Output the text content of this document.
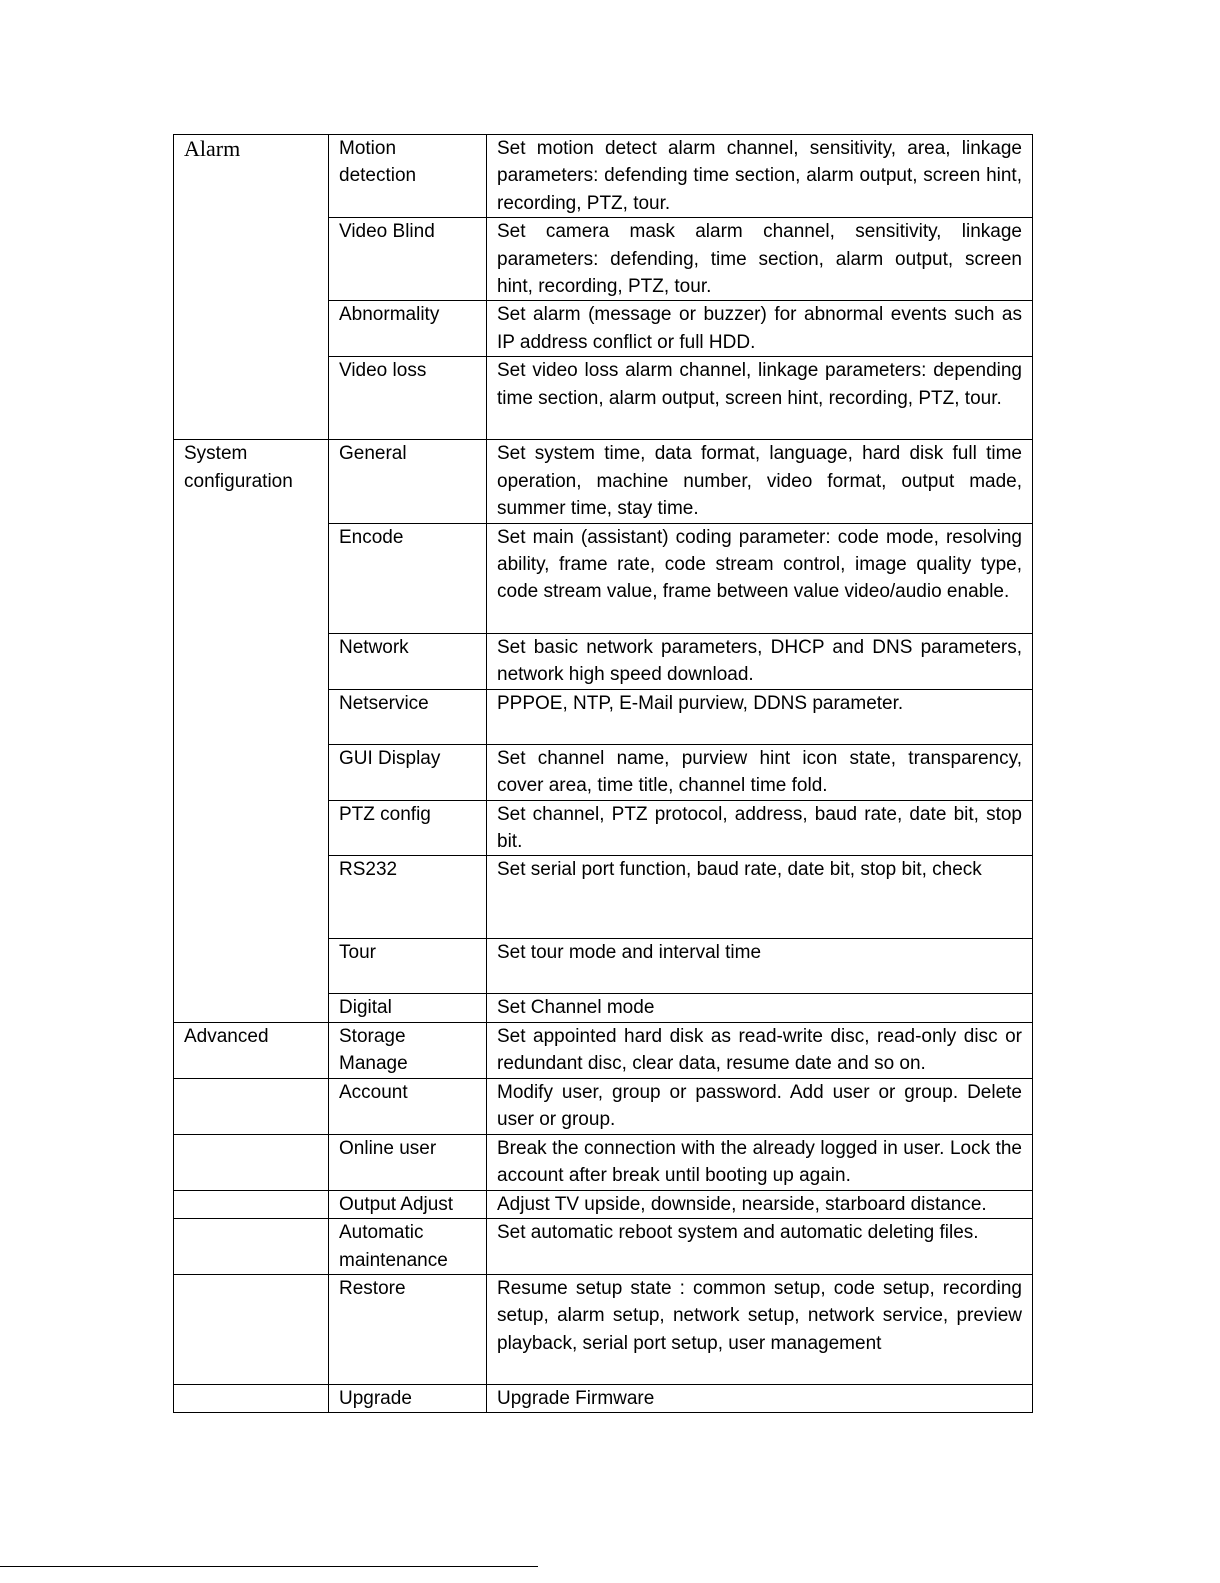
Alarm	Motion detection	Set motion detect alarm channel, sensitivity, area, linkage parameters: defending time section, alarm output, screen hint, recording, PTZ, tour.
	Video Blind	Set camera mask alarm channel, sensitivity, linkage parameters: defending, time section, alarm output, screen hint, recording, PTZ, tour.
	Abnormality	Set alarm (message or buzzer) for abnormal events such as IP address conflict or full HDD.
	Video loss	Set video loss alarm channel, linkage parameters: depending time section, alarm output, screen hint, recording, PTZ, tour.
System configuration	General	Set system time, data format, language, hard disk full time operation, machine number, video format, output made, summer time, stay time.
	Encode	Set main (assistant) coding parameter: code mode, resolving ability, frame rate, code stream control, image quality type, code stream value, frame between value video/audio enable.
	Network	Set basic network parameters, DHCP and DNS parameters, network high speed download.
	Netservice	PPPOE, NTP, E-Mail purview, DDNS parameter.
	GUI Display	Set channel name, purview hint icon state, transparency, cover area, time title, channel time fold.
	PTZ config	Set channel, PTZ protocol, address, baud rate, date bit, stop bit.
	RS232	Set serial port function, baud rate, date bit, stop bit, check
	Tour	Set tour mode and interval time
	Digital	Set Channel mode
Advanced	Storage Manage	Set appointed hard disk as read-write disc, read-only disc or redundant disc, clear data, resume date and so on.
	Account	Modify user, group or password. Add user or group. Delete user or group.
	Online user	Break the connection with the already logged in user. Lock the account after break until booting up again.
	Output Adjust	Adjust TV upside, downside, nearside, starboard distance.
	Automatic maintenance	Set automatic reboot system and automatic deleting files.
	Restore	Resume setup state : common setup, code setup, recording setup, alarm setup, network setup, network service, preview playback, serial port setup, user management
	Upgrade	Upgrade Firmware
